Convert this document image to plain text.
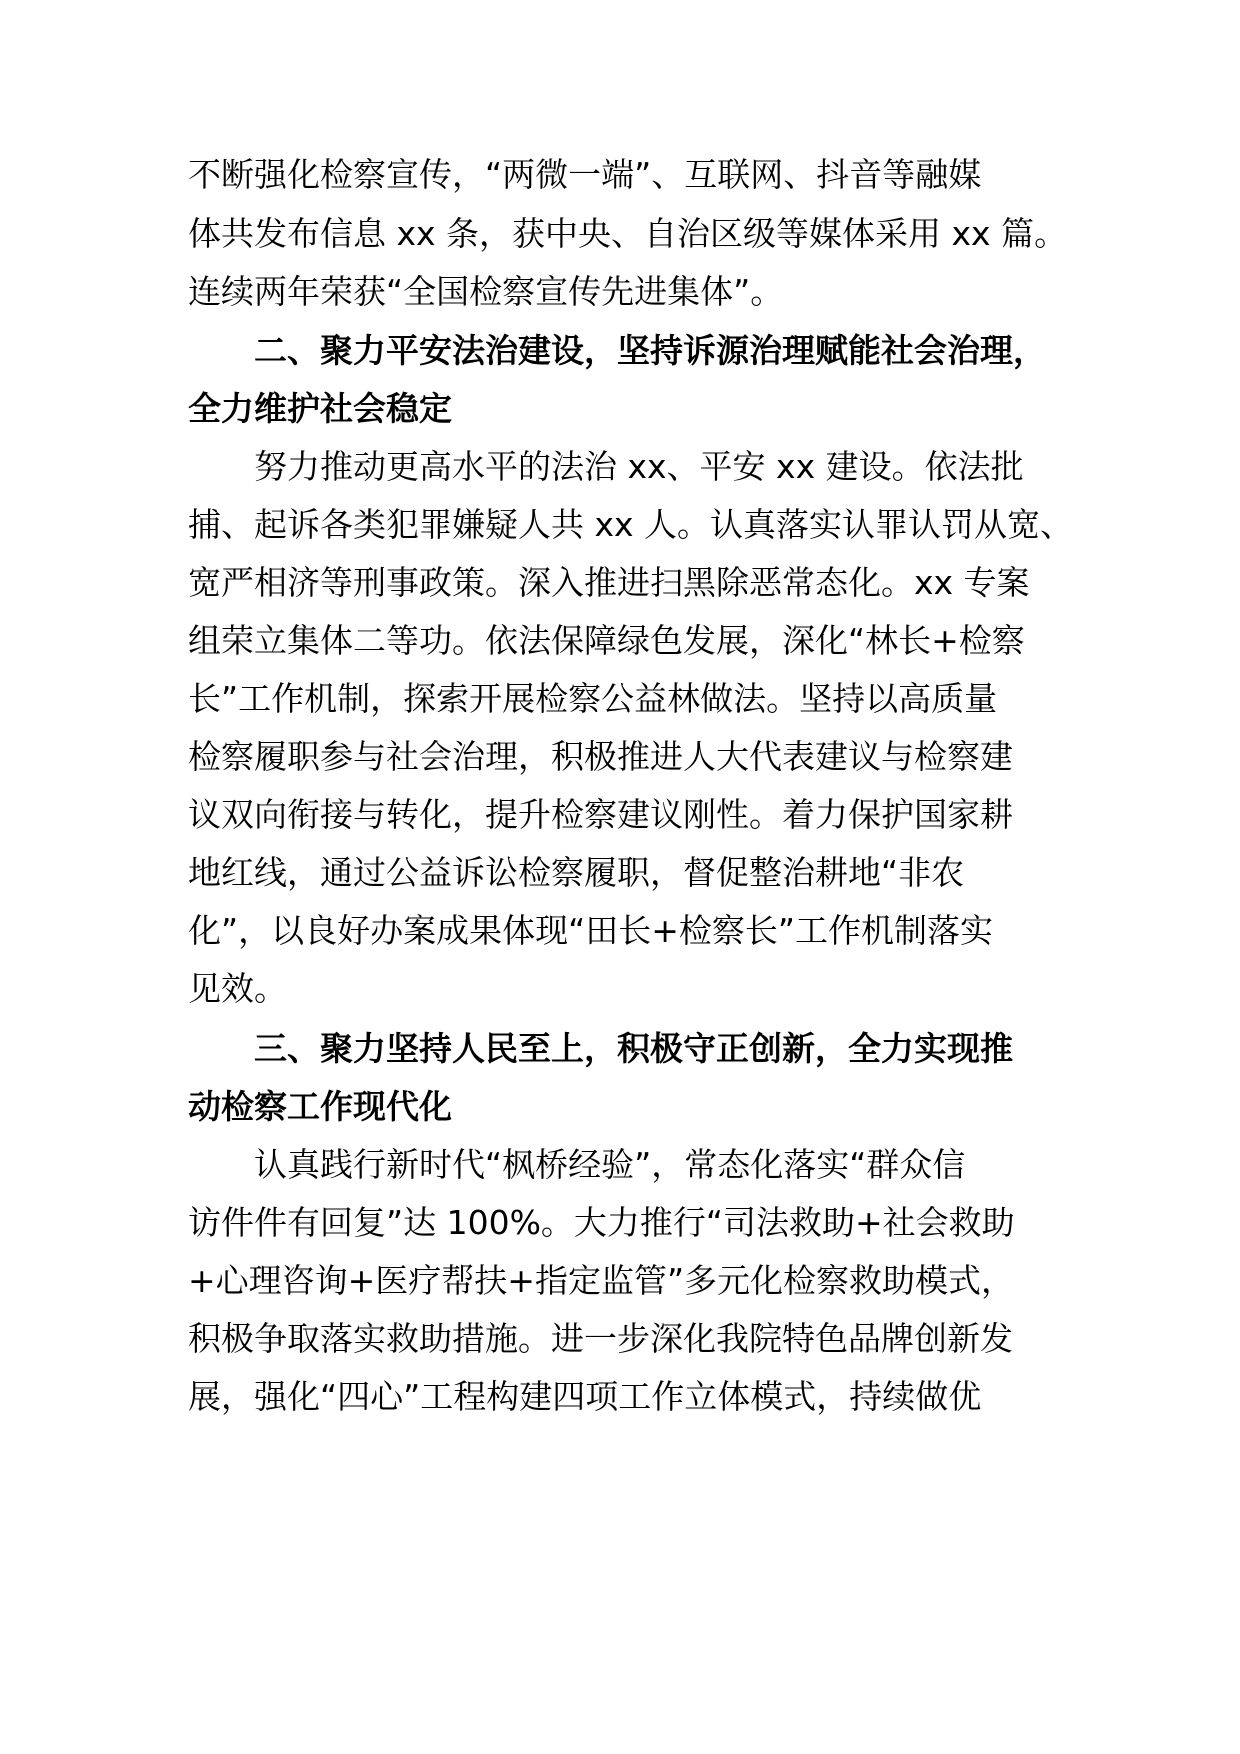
不断强化检察宣传，“两微一端”、互联网、抖音等融媒
体共发布信息 xx 条，获中央、自治区级等媒体采用 xx 篇。
连续两年荣获“全国检察宣传先进集体”。
二、聚力平安法治建设，坚持诉源治理赋能社会治理，
全力维护社会稳定
努力推动更高水平的法治 xx、平安 xx 建设。依法批
捕、起诉各类犯罪嫌疑人共 xx 人。认真落实认罪认罚从宽、
宽严相济等刑事政策。深入推进扫黑除恶常态化。xx 专案
组荣立集体二等功。依法保障绿色发展，深化“林长+检察
长”工作机制，探索开展检察公益林做法。坚持以高质量
检察履职参与社会治理，积极推进人大代表建议与检察建
议双向衔接与转化，提升检察建议刚性。着力保护国家耕
地红线，通过公益诉讼检察履职，督促整治耕地“非农
化”，以良好办案成果体现“田长+检察长”工作机制落实
见效。
三、聚力坚持人民至上，积极守正创新，全力实现推
动检察工作现代化
认真践行新时代“枫桥经验”，常态化落实“群众信
访件件有回复”达 100%。大力推行“司法救助+社会救助
+心理咨询+医疗帮扶+指定监管”多元化检察救助模式，
积极争取落实救助措施。进一步深化我院特色品牌创新发
展，强化“四心”工程构建四项工作立体模式，持续做优
